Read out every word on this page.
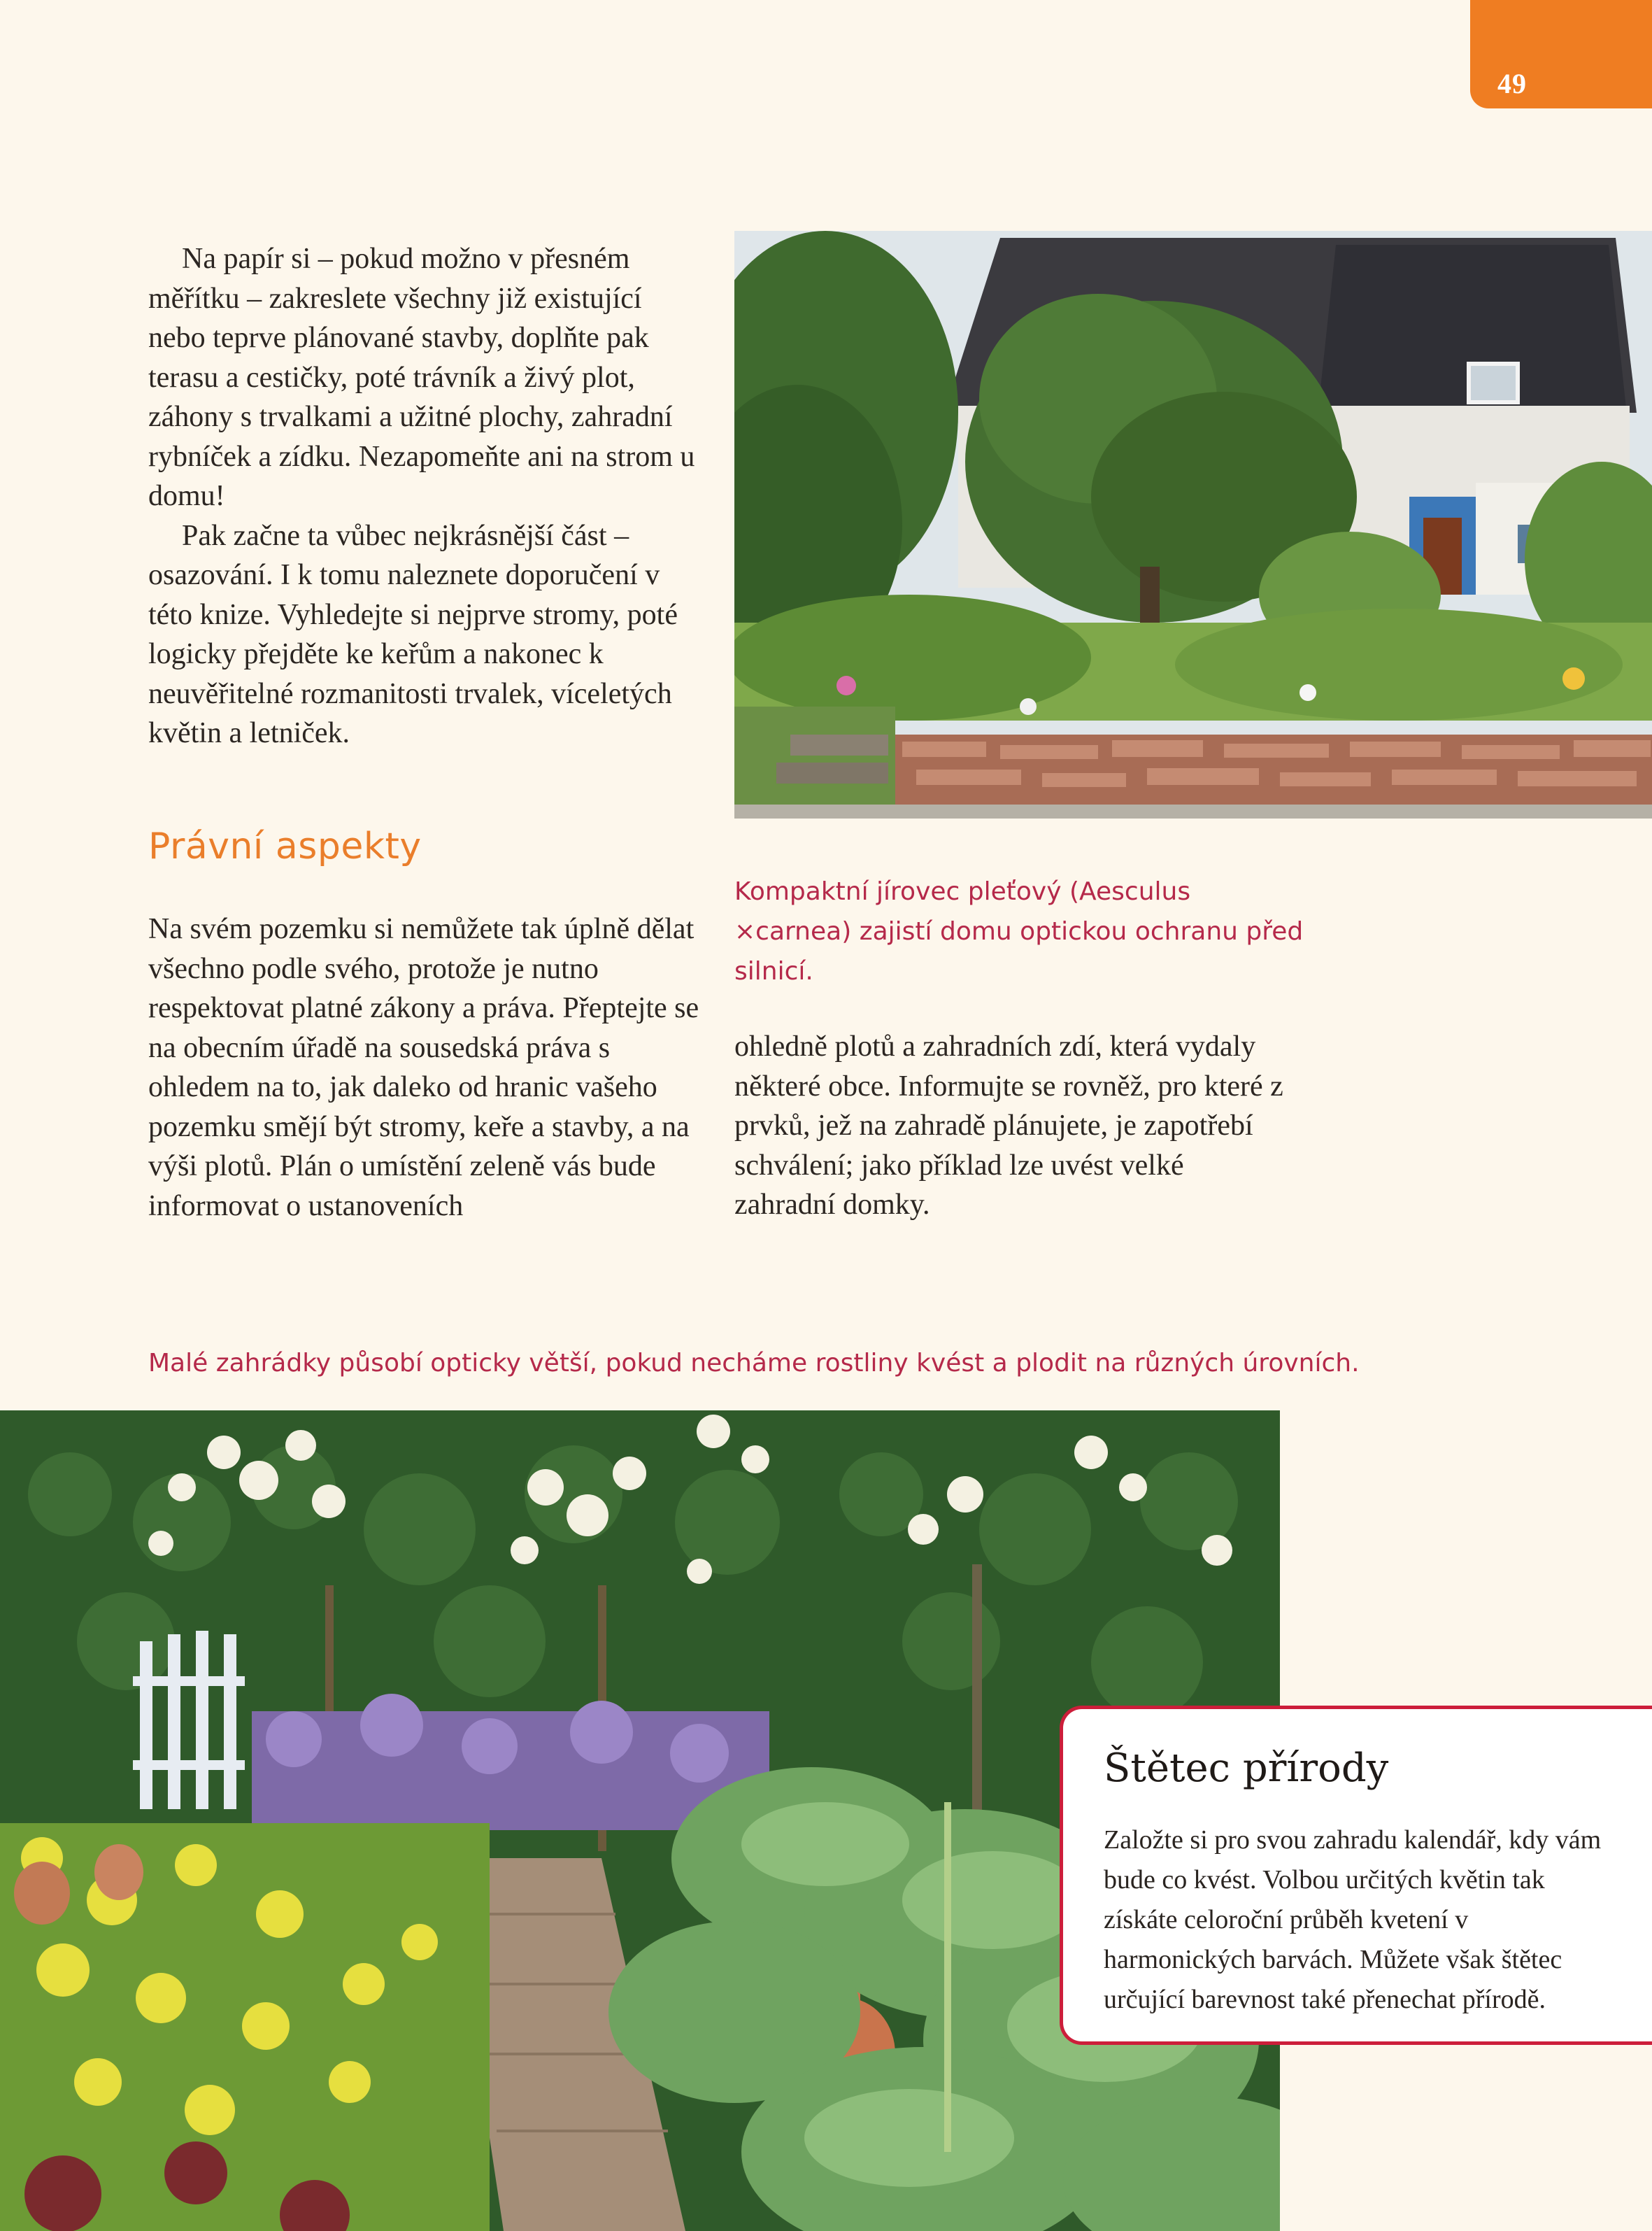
49

Na papír si – pokud možno v přesném měřítku – zakreslete všechny již existující nebo teprve plánované stavby, doplňte pak terasu a cestičky, poté trávník a živý plot, záhony s trvalkami a užitné plochy, zahradní rybníček a zídku. Nezapomeňte ani na strom u domu!

Pak začne ta vůbec nejkrásnější část – osazování. I k tomu naleznete doporučení v této knize. Vyhledejte si nejprve stromy, poté logicky přejděte ke keřům a nakonec k neuvěřitelné rozmanitosti trvalek, víceletých květin a letniček.

Kompaktní jírovec pleťový (Aesculus ×carnea) zajistí domu optickou ochranu před silnicí.
Právní aspekty
Na svém pozemku si nemůžete tak úplně dělat všechno podle svého, protože je nutno respektovat platné zákony a práva. Přeptejte se na obecním úřadě na sousedská práva s ohledem na to, jak daleko od hranic vašeho pozemku smějí být stromy, keře a stavby, a na výši plotů. Plán o umístění zeleně vás bude informovat o ustanoveních
ohledně plotů a zahradních zdí, která vydaly některé obce. Informujte se rovněž, pro které z prvků, jež na zahradě plánujete, je zapotřebí schválení; jako příklad lze uvést velké zahradní domky.
Malé zahrádky působí opticky větší, pokud necháme rostliny kvést a plodit na různých úrovních.
Štětec přírody
Založte si pro svou zahradu kalendář, kdy vám bude co kvést. Volbou určitých květin tak získáte celoroční průběh kvetení v harmonických barvách. Můžete však štětec určující barevnost také přenechat přírodě.
